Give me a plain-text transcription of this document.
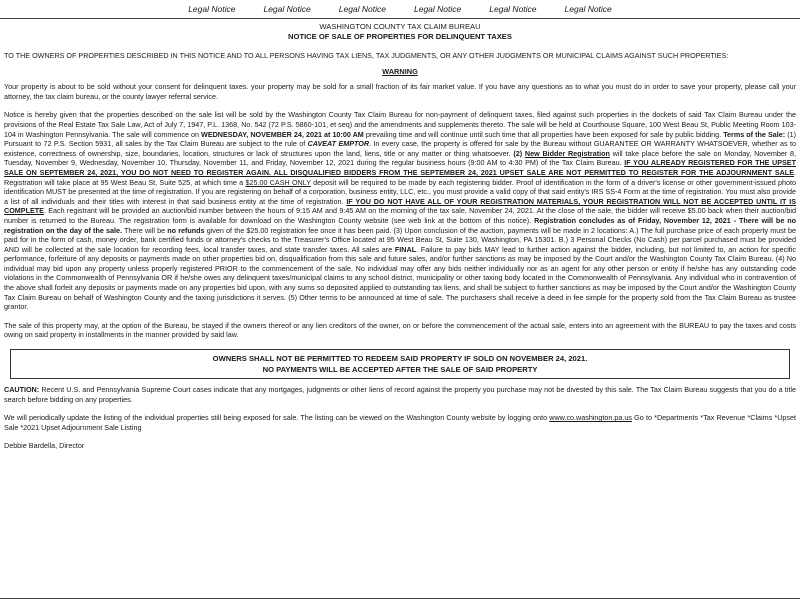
Legal Notice	Legal Notice	Legal Notice	Legal Notice	Legal Notice	Legal Notice
WASHINGTON COUNTY TAX CLAIM BUREAU
NOTICE OF SALE OF PROPERTIES FOR DELINQUENT TAXES

TO THE OWNERS OF PROPERTIES DESCRIBED IN THIS NOTICE AND TO ALL PERSONS HAVING TAX LIENS, TAX JUDGMENTS, OR ANY OTHER JUDGMENTS OR MUNICIPAL CLAIMS AGAINST SUCH PROPERTIES:

WARNING

Your property is about to be sold without your consent for delinquent taxes. your property may be sold for a small fraction of its fair market value. If you have any questions as to what you must do in order to save your property, please call your attorney, the tax claim bureau, or the county lawyer referral service.

Notice is hereby given that the properties described on the sale list will be sold by the Washington County Tax Claim Bureau for non-payment of delinquent taxes, filed against such properties in the dockets of said Tax Claim Bureau under the provisions of the Real Estate Tax Sale Law, Act of July 7, 1947, P.L. 1368, No. 542 (72 P.S. 5860-101, et seq) and the amendments and supplements thereto. The sale will be held at Courthouse Square, 100 West Beau St, Public Meeting Room 103-104 in Washington Pennsylvania. The sale will commence on WEDNESDAY, NOVEMBER 24, 2021 at 10:00 AM prevailing time and will continue until such time that all properties have been exposed for sale by public bidding. Terms of the Sale: (1) Pursuant to 72 P.S. Section 5931, all sales by the Tax Claim Bureau are subject to the rule of CAVEAT EMPTOR. In every case, the property is offered for sale by the Bureau without GUARANTEE OR WARRANTY WHATSOEVER, whether as to existence, correctness of ownership, size, boundaries, location, structures or lack of structures upon the land, liens, title or any matter or thing whatsoever. (2) New Bidder Registration will take place before the sale on Monday, November 8, Tuesday, November 9, Wednesday, November 10, Thursday, November 11, and Friday, November 12, 2021 during the regular business hours (9:00 AM to 4:30 PM) of the Tax Claim Bureau. IF YOU ALREADY REGISTERED FOR THE UPSET SALE ON SEPTEMBER 24, 2021, YOU DO NOT NEED TO REGISTER AGAIN. ALL DISQUALIFIED BIDDERS FROM THE SEPTEMBER 24, 2021 UPSET SALE ARE NOT PERMITTED TO REGISTER FOR THE ADJOURNMENT SALE. Registration will take place at 95 West Beau St, Suite 525, at which time a $25.00 CASH ONLY deposit will be required to be made by each registering bidder. Proof of identification in the form of a driver's license or other government-issued photo identification MUST be presented at the time of registration. If you are registering on behalf of a corporation, business entity, LLC, etc., you must provide a valid copy of that said entity's IRS SS-4 Form at the time of registration. You must also provide a list of all individuals and their titles with interest in that said business entity at the time of registration. IF YOU DO NOT HAVE ALL OF YOUR REGISTRATION MATERIALS, YOUR REGISTRATION WILL NOT BE ACCEPTED UNTIL IT IS COMPLETE. Each registrant will be provided an auction/bid number between the hours of 9:15 AM and 9:45 AM on the morning of the tax sale, November 24, 2021. At the close of the sale, the bidder will receive $5.00 back when their auction/bid number is returned to the Bureau. The registration form is available for download on the Washington County website (see web link at the bottom of this notice). Registration concludes as of Friday, November 12, 2021 - There will be no registration on the day of the sale. There will be no refunds given of the $25.00 registration fee once it has been paid. (3) Upon conclusion of the auction, payments will be made in 2 locations: A.) The full purchase price of each property must be paid for in the form of cash, money order, bank certified funds or attorney's checks to the Treasurer's Office located at 95 West Beau St, Suite 130, Washington, PA 15301. B.) 3 Personal Checks (No Cash) per parcel purchased must be provided AND will be collected at the sale location for recording fees, local transfer taxes, and state transfer taxes. All sales are FINAL. Failure to pay bids MAY lead to further action against the bidder, including, but not limited to, an action for specific performance, forfeiture of any deposits or payments made on other properties bid on, disqualification from this sale and future sales, and/or further sanctions as may be imposed by the Court and/or the Washington County Tax Claim Bureau. (4) No individual may bid upon any property unless properly registered PRIOR to the commencement of the sale. No individual may offer any bids neither individually nor as an agent for any other person or entity if he/she has any outstanding code violations in the Commonwealth of Pennsylvania OR if he/she owes any delinquent taxes/municipal claims to any school district, municipality or other taxing body located in the Commonwealth of Pennsylvania. Any individual who in contravention of the above shall forfeit any deposits or payments made on any properties bid upon, with any sums so deposited applied to outstanding tax liens, and shall be subject to further sanctions as may be imposed by the Court and/or the Washington County Tax Claim Bureau on behalf of Washington County and the taxing jurisdictions it serves. (5) Other terms to be announced at time of sale. The purchasers shall receive a deed in fee simple for the property sold from the Tax Claim Bureau as trustee grantor.

The sale of this property may, at the option of the Bureau, be stayed if the owners thereof or any lien creditors of the owner, on or before the commencement of the actual sale, enters into an agreement with the BUREAU to pay the taxes and costs owing on said property in installments in the manner provided by said law.

OWNERS SHALL NOT BE PERMITTED TO REDEEM SAID PROPERTY IF SOLD ON NOVEMBER 24, 2021.
NO PAYMENTS WILL BE ACCEPTED AFTER THE SALE OF SAID PROPERTY

CAUTION: Recent U.S. and Pennsylvania Supreme Court cases indicate that any mortgages, judgments or other liens of record against the property you purchase may not be divested by this sale. The Tax Claim Bureau suggests that you do a title search before bidding on any properties.

We will periodically update the listing of the individual properties still being exposed for sale. The listing can be viewed on the Washington County website by logging onto www.co.washington.pa.us Go to *Departments *Tax Revenue *Claims *Upset Sale *2021 Upset Adjournment Sale Listing

Debbie Bardella, Director
